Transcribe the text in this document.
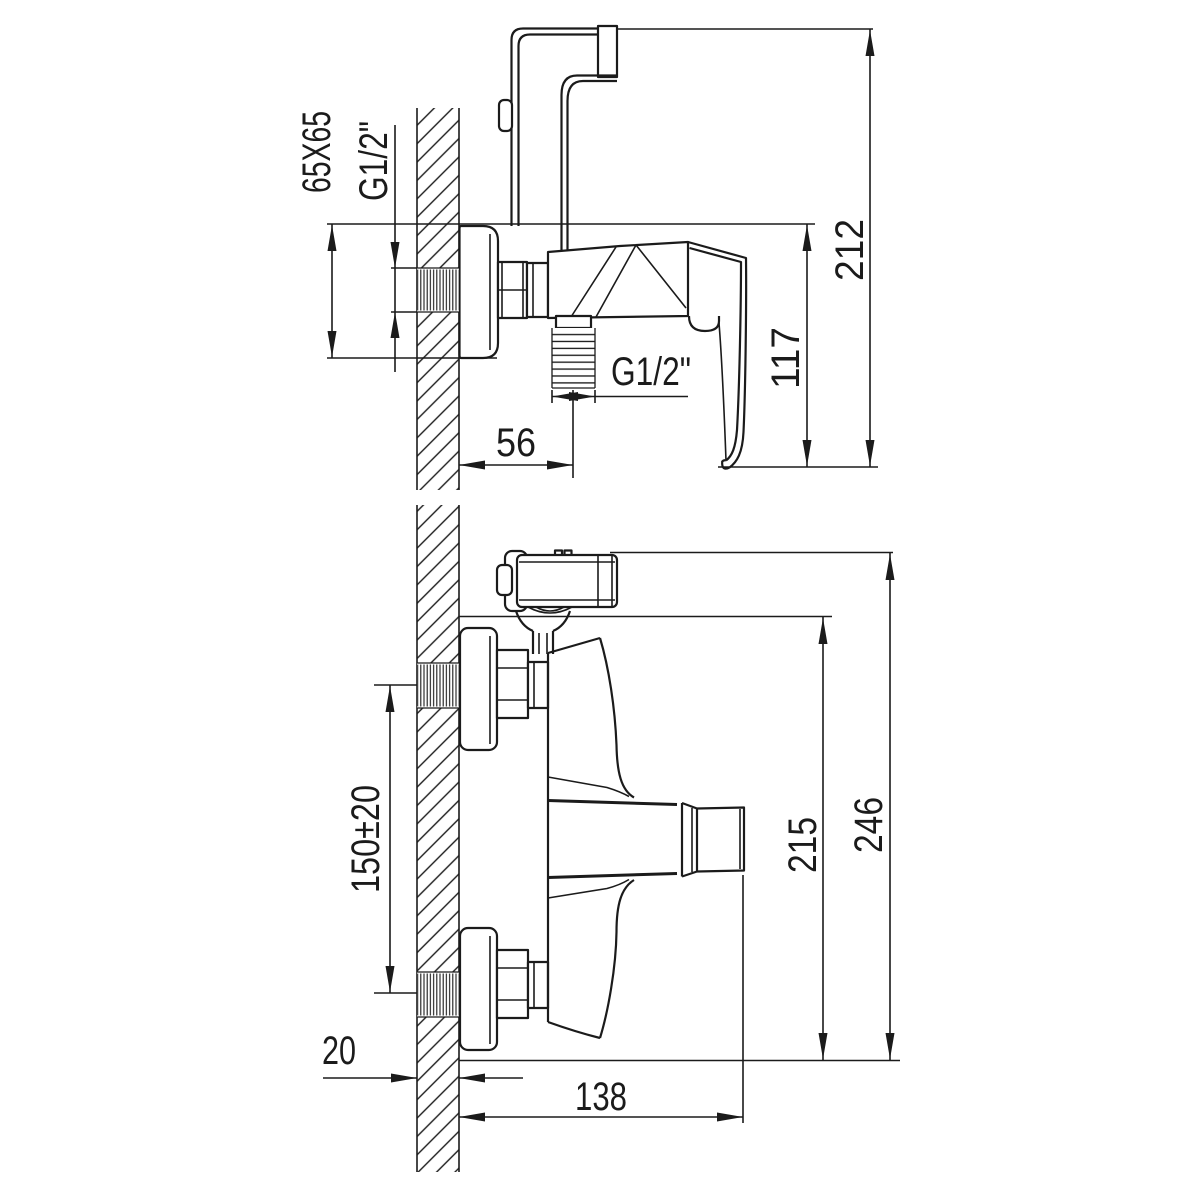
65X65 G1/2"
G1/2"
56
117
212
150±20
20
138
215 246
